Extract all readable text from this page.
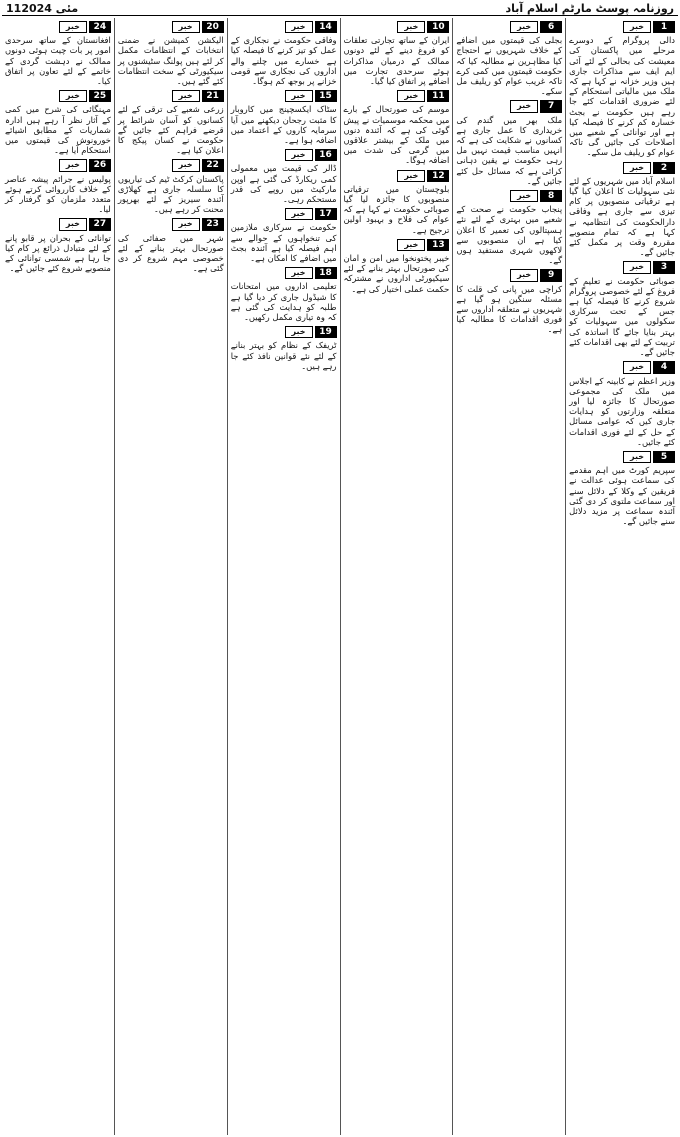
روزنامہ پوسٹ مارٹم اسلام آباد
11مئی 2024
1
خبر
دالی پروگرام کے دوسرے مرحلے میں پاکستان کی معیشت کی بحالی کے لئے آئی ایم ایف سے مذاکرات جاری ہیں وزیر خزانہ نے کہا ہے کہ ملک میں مالیاتی استحکام کے لئے ضروری اقدامات کئے جا رہے ہیں حکومت نے بجٹ خسارہ کم کرنے کا فیصلہ کیا ہے اور توانائی کے شعبے میں اصلاحات کی جائیں گی تاکہ عوام کو ریلیف مل سکے۔
2
خبر
اسلام آباد میں شہریوں کے لئے نئی سہولیات کا اعلان کیا گیا ہے ترقیاتی منصوبوں پر کام تیزی سے جاری ہے وفاقی دارالحکومت کی انتظامیہ نے کہا ہے کہ تمام منصوبے مقررہ وقت پر مکمل کئے جائیں گے۔
3
خبر
صوبائی حکومت نے تعلیم کے فروغ کے لئے خصوصی پروگرام شروع کرنے کا فیصلہ کیا ہے جس کے تحت سرکاری سکولوں میں سہولیات کو بہتر بنایا جائے گا اساتذہ کی تربیت کے لئے بھی اقدامات کئے جائیں گے۔
4
خبر
وزیر اعظم نے کابینہ کے اجلاس میں ملک کی مجموعی صورتحال کا جائزہ لیا اور متعلقہ وزارتوں کو ہدایات جاری کیں کہ عوامی مسائل کے حل کے لئے فوری اقدامات کئے جائیں۔
5
خبر
سپریم کورٹ میں اہم مقدمے کی سماعت ہوئی عدالت نے فریقین کے وکلا کے دلائل سنے اور سماعت ملتوی کر دی گئی آئندہ سماعت پر مزید دلائل سنے جائیں گے۔
6
خبر
بجلی کی قیمتوں میں اضافے کے خلاف شہریوں نے احتجاج کیا مظاہرین نے مطالبہ کیا کہ حکومت قیمتوں میں کمی کرے تاکہ غریب عوام کو ریلیف مل سکے۔
7
خبر
ملک بھر میں گندم کی خریداری کا عمل جاری ہے کسانوں نے شکایت کی ہے کہ انہیں مناسب قیمت نہیں مل رہی حکومت نے یقین دہانی کرائی ہے کہ مسائل حل کئے جائیں گے۔
8
خبر
پنجاب حکومت نے صحت کے شعبے میں بہتری کے لئے نئے ہسپتالوں کی تعمیر کا اعلان کیا ہے ان منصوبوں سے لاکھوں شہری مستفید ہوں گے۔
9
خبر
کراچی میں پانی کی قلت کا مسئلہ سنگین ہو گیا ہے شہریوں نے متعلقہ اداروں سے فوری اقدامات کا مطالبہ کیا ہے۔
10
خبر
ایران کے ساتھ تجارتی تعلقات کو فروغ دینے کے لئے دونوں ممالک کے درمیان مذاکرات ہوئے سرحدی تجارت میں اضافے پر اتفاق کیا گیا۔
11
خبر
موسم کی صورتحال کے بارے میں محکمہ موسمیات نے پیش گوئی کی ہے کہ آئندہ دنوں میں ملک کے بیشتر علاقوں میں گرمی کی شدت میں اضافہ ہوگا۔
12
خبر
بلوچستان میں ترقیاتی منصوبوں کا جائزہ لیا گیا صوبائی حکومت نے کہا ہے کہ عوام کی فلاح و بہبود اولین ترجیح ہے۔
13
خبر
خیبر پختونخوا میں امن و امان کی صورتحال بہتر بنانے کے لئے سیکیورٹی اداروں نے مشترکہ حکمت عملی اختیار کی ہے۔
14
خبر
وفاقی حکومت نے نجکاری کے عمل کو تیز کرنے کا فیصلہ کیا ہے خسارے میں چلنے والے اداروں کی نجکاری سے قومی خزانے پر بوجھ کم ہوگا۔
15
خبر
سٹاک ایکسچینج میں کاروبار کا مثبت رجحان دیکھنے میں آیا سرمایہ کاروں کے اعتماد میں اضافہ ہوا ہے۔
16
خبر
ڈالر کی قیمت میں معمولی کمی ریکارڈ کی گئی ہے اوپن مارکیٹ میں روپے کی قدر مستحکم رہی۔
17
خبر
حکومت نے سرکاری ملازمین کی تنخواہوں کے حوالے سے اہم فیصلہ کیا ہے آئندہ بجٹ میں اضافے کا امکان ہے۔
18
خبر
تعلیمی اداروں میں امتحانات کا شیڈول جاری کر دیا گیا ہے طلبہ کو ہدایت کی گئی ہے کہ وہ تیاری مکمل رکھیں۔
19
خبر
ٹریفک کے نظام کو بہتر بنانے کے لئے نئے قوانین نافذ کئے جا رہے ہیں۔
20
خبر
الیکشن کمیشن نے ضمنی انتخابات کے انتظامات مکمل کر لئے ہیں پولنگ سٹیشنوں پر سیکیورٹی کے سخت انتظامات کئے گئے ہیں۔
21
خبر
زرعی شعبے کی ترقی کے لئے کسانوں کو آسان شرائط پر قرضے فراہم کئے جائیں گے حکومت نے کسان پیکج کا اعلان کیا ہے۔
22
خبر
پاکستان کرکٹ ٹیم کی تیاریوں کا سلسلہ جاری ہے کھلاڑی آئندہ سیریز کے لئے بھرپور محنت کر رہے ہیں۔
23
خبر
شہر میں صفائی کی صورتحال بہتر بنانے کے لئے خصوصی مہم شروع کر دی گئی ہے۔
24
خبر
افغانستان کے ساتھ سرحدی امور پر بات چیت ہوئی دونوں ممالک نے دہشت گردی کے خاتمے کے لئے تعاون پر اتفاق کیا۔
25
خبر
مہنگائی کی شرح میں کمی کے آثار نظر آ رہے ہیں ادارہ شماریات کے مطابق اشیائے خورونوش کی قیمتوں میں استحکام آیا ہے۔
26
خبر
پولیس نے جرائم پیشہ عناصر کے خلاف کارروائی کرتے ہوئے متعدد ملزمان کو گرفتار کر لیا۔
27
خبر
توانائی کے بحران پر قابو پانے کے لئے متبادل ذرائع پر کام کیا جا رہا ہے شمسی توانائی کے منصوبے شروع کئے جائیں گے۔
